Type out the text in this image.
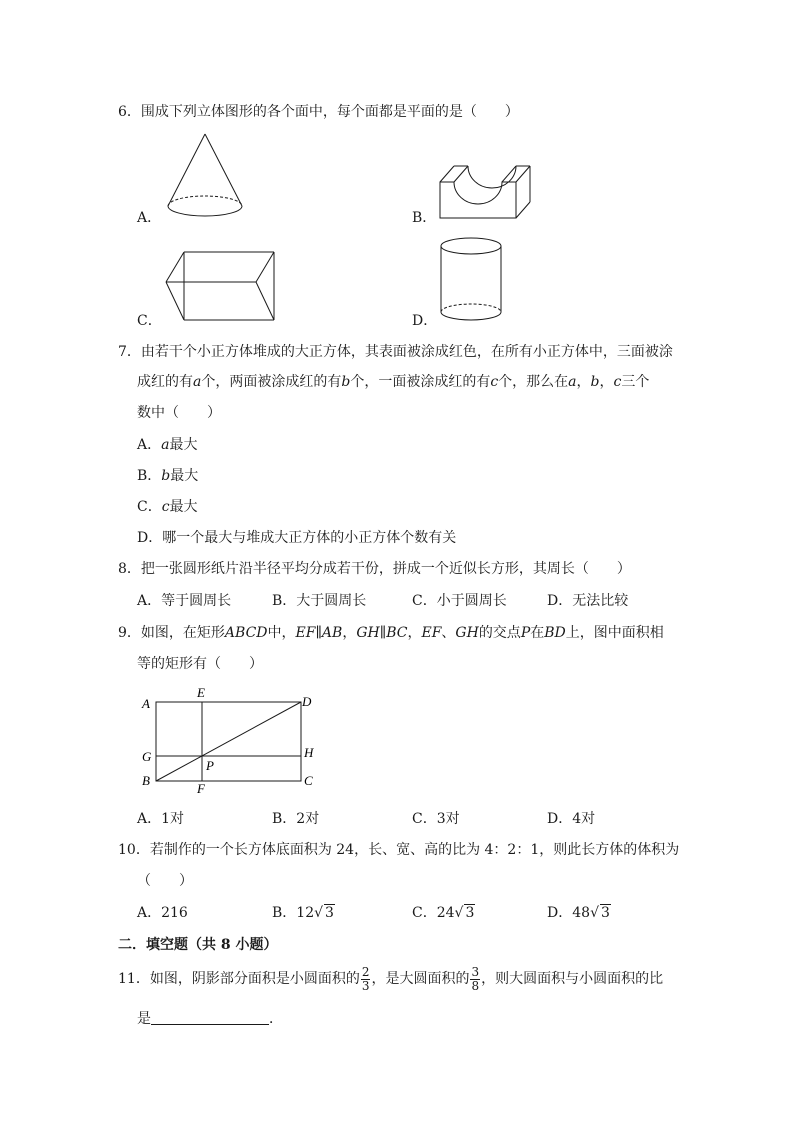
6．围成下列立体图形的各个面中，每个面都是平面的是（　　）
A．	B．
C．	D．
7．由若干个小正方体堆成的大正方体，其表面被涂成红色，在所有小正方体中，三面被涂
成红的有a个，两面被涂成红的有b个，一面被涂成红的有c个，那么在a，b，c三个
数中（　　）
A．a最大
B．b最大
C．c最大
D．哪一个最大与堆成大正方体的小正方体个数有关
8．把一张圆形纸片沿半径平均分成若干份，拼成一个近似长方形，其周长（　　）
A．等于圆周长	B．大于圆周长	C．小于圆周长	D．无法比较
9．如图，在矩形ABCD中，EF∥AB，GH∥BC，EF、GH的交点P在BD上，图中面积相
等的矩形有（　　）
A
B	C
D
E
F
G	H
P
A．1对	B．2对	C．3对	D．4对
10．若制作的一个长方体底面积为 24，长、宽、高的比为 4：2：1，则此长方体的体积为
（　　）
A．216	B．12√ 3	C．24√ 3	D．48√ 3
二．填空题（共 8 小题）
11．如图，阴影部分面积是小圆面积的 $\frac{2}{3}$ ，是大圆面积的 $\frac{3}{8}$ ，则大圆面积与小圆面积的比
是	．
